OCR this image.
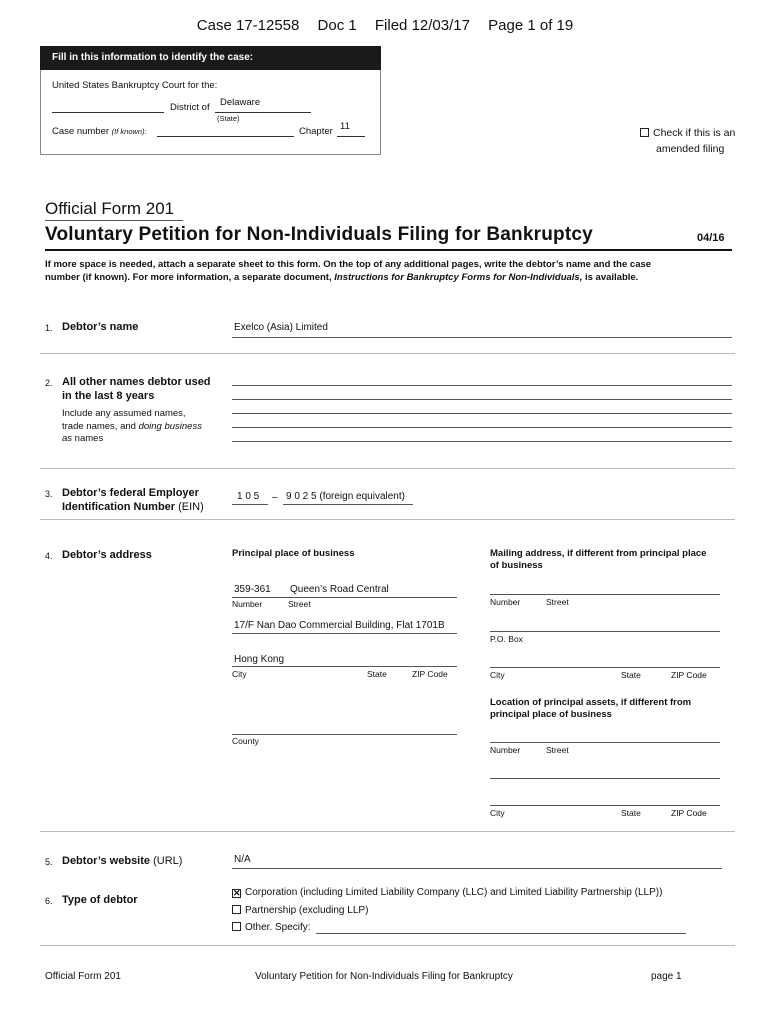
Case 17-12558 Doc 1 Filed 12/03/17 Page 1 of 19
Fill in this information to identify the case:
United States Bankruptcy Court for the:
District of Delaware
(State)
Case number (If known):	Chapter 11
Check if this is an
amended filing
Official Form 201
Voluntary Petition for Non-Individuals Filing for Bankruptcy	04/16
If more space is needed, attach a separate sheet to this form. On the top of any additional pages, write the debtor’s name and the case
number (if known). For more information, a separate document, Instructions for Bankruptcy Forms for Non-Individuals, is available.
1. Debtor’s name	Exelco (Asia) Limited
2. All other names debtor used
in the last 8 years
Include any assumed names,
trade names, and doing business
as names
3. Debtor’s federal Employer
Identification Number (EIN)
1 0 5 – 9 0 2 5 (foreign equivalent)
4. Debtor’s address	Principal place of business	Mailing address, if different from principal place
of business
359-361 Queen’s Road Central
Number	Street
17/F Nan Dao Commercial Building, Flat 1701B
Hong Kong
City	State	ZIP Code
County
Number	Street
P.O. Box
City	State	ZIP Code
Location of principal assets, if different from
principal place of business
Number	Street
City	State	ZIP Code
5. Debtor’s website (URL)	N/A
6. Type of debtor
✕ Corporation (including Limited Liability Company (LLC) and Limited Liability Partnership (LLP))
Partnership (excluding LLP)
Other. Specify:
Official Form 201	Voluntary Petition for Non-Individuals Filing for Bankruptcy	page 1
